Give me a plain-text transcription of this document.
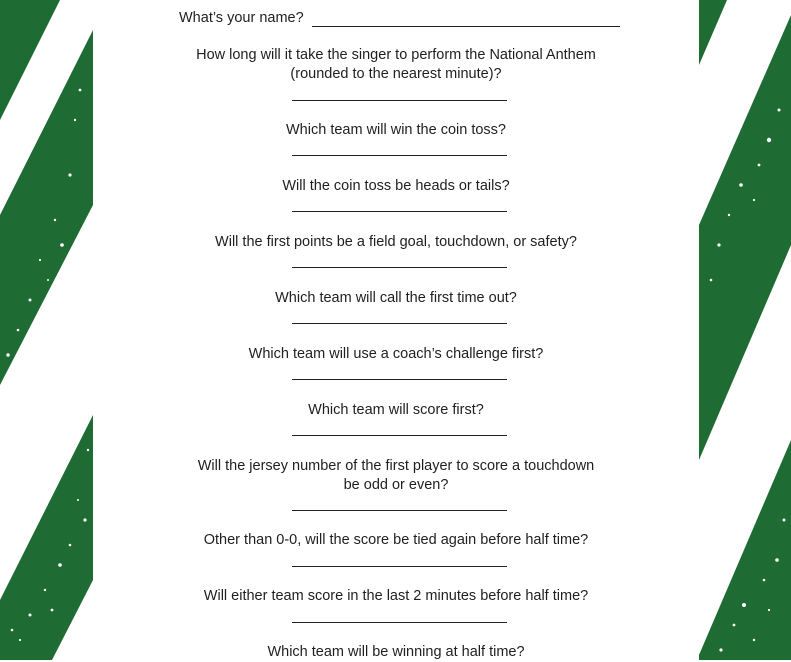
What’s your name?
How long will it take the singer to perform the National Anthem
(rounded to the nearest minute)?
Which team will win the coin toss?
Will the coin toss be heads or tails?
Will the first points be a field goal, touchdown, or safety?
Which team will call the first time out?
Which team will use a coach’s challenge first?
Which team will score first?
Will the jersey number of the first player to score a touchdown
be odd or even?
Other than 0-0, will the score be tied again before half time?
Will either team score in the last 2 minutes before half time?
Which team will be winning at half time?
